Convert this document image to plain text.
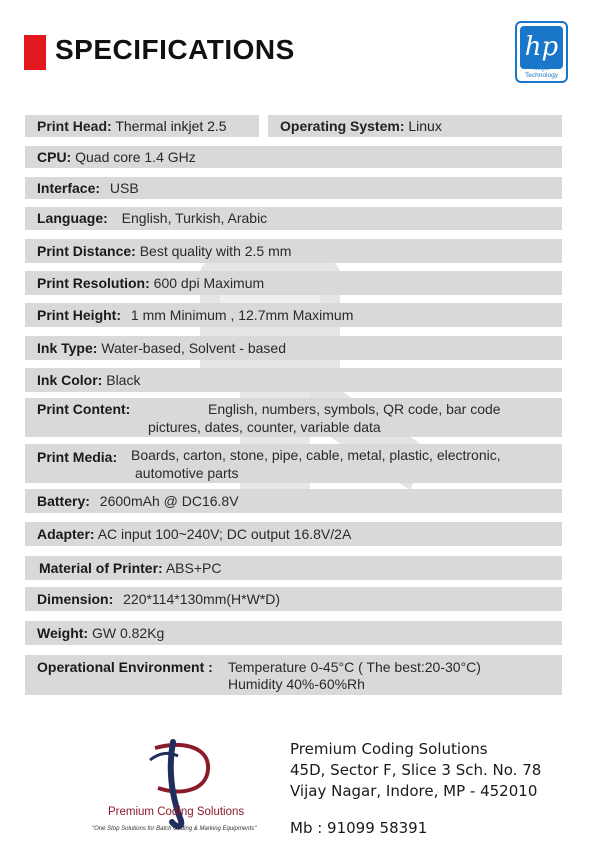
SPECIFICATIONS	hp
Inkjet Technology
Print Head: Thermal inkjet 2.5	Operating System: Linux
CPU: Quad core 1.4 GHz
Interface: USB
Language: English, Turkish, Arabic
Print Distance: Best quality with 2.5 mm
Print Resolution: 600 dpi Maximum
Print Height: 1 mm Minimum , 12.7mm Maximum
Ink Type: Water-based, Solvent - based
Ink Color: Black
Print Content:	English, numbers, symbols, QR code, bar code
pictures, dates, counter, variable data
Print Media: Boards, carton, stone, pipe, cable, metal, plastic, electronic,
automotive parts
Battery: 2600mAh @ DC16.8V
Adapter: AC input 100~240V; DC output 16.8V/2A
Material of Printer: ABS+PC
Dimension: 220*114*130mm(H*W*D)
Weight: GW 0.82Kg
Operational Environment : Temperature 0-45°C ( The best:20-30°C)
Humidity 40%-60%Rh
Premium Coding Solutions
"One Stop Solutions for Batch Coding & Marking Equipments"
Premium Coding Solutions
45D, Sector F, Slice 3 Sch. No. 78
Vijay Nagar, Indore, MP - 452010
Mb : 91099 58391
